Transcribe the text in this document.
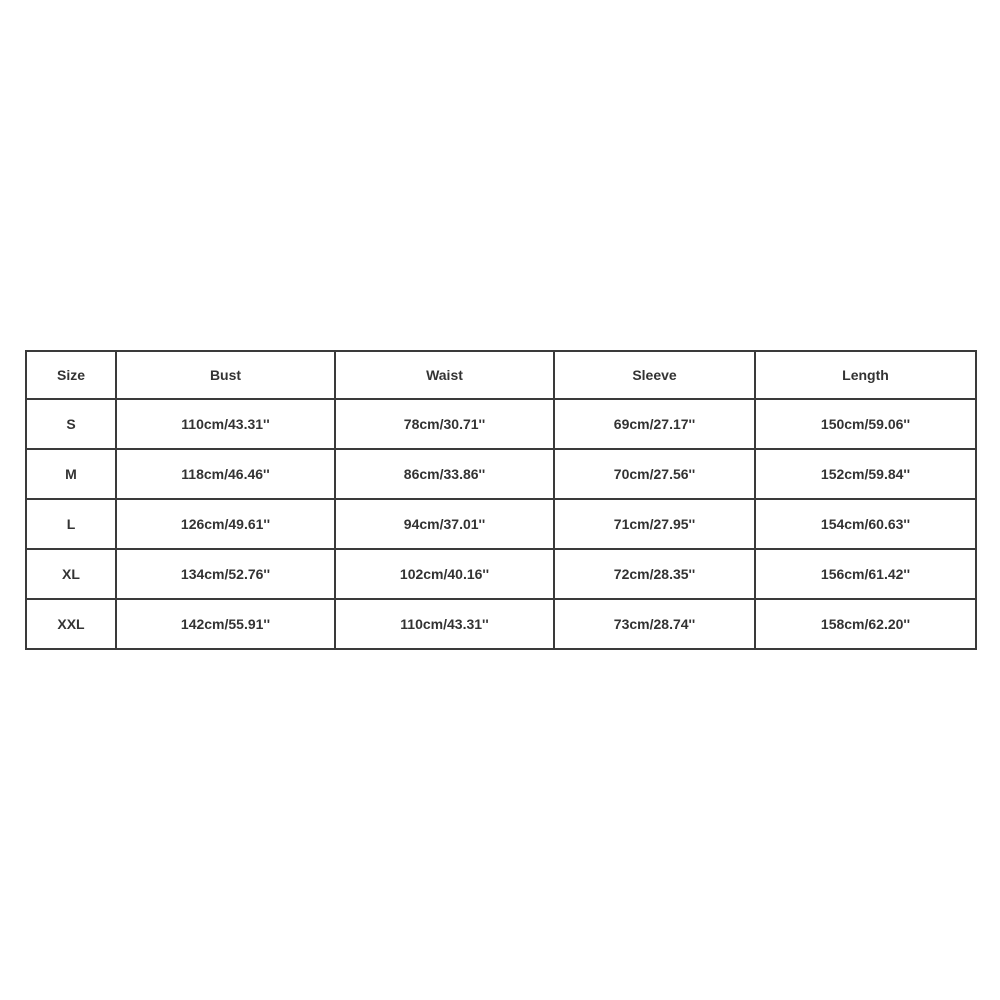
Size	Bust	Waist	Sleeve	Length
S	110cm/43.31''	78cm/30.71''	69cm/27.17''	150cm/59.06''
M	118cm/46.46''	86cm/33.86''	70cm/27.56''	152cm/59.84''
L	126cm/49.61''	94cm/37.01''	71cm/27.95''	154cm/60.63''
XL	134cm/52.76''	102cm/40.16''	72cm/28.35''	156cm/61.42''
XXL	142cm/55.91''	110cm/43.31''	73cm/28.74''	158cm/62.20''
